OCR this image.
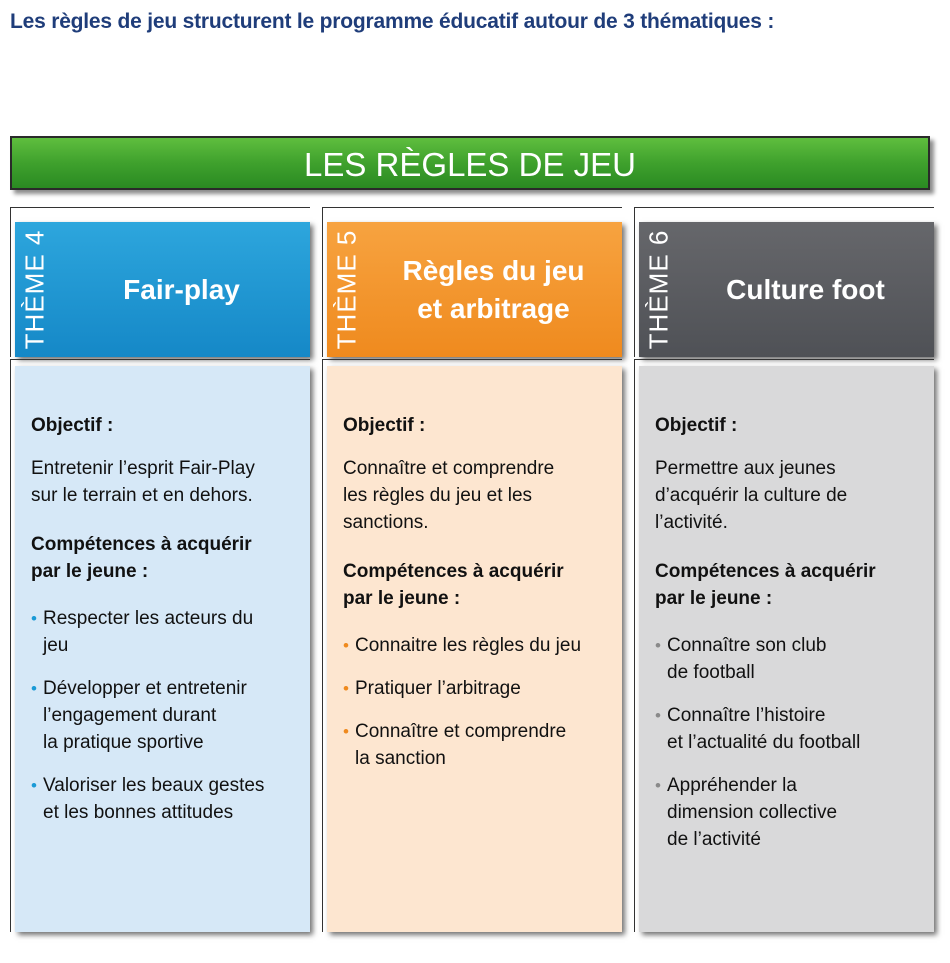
Les règles de jeu structurent le programme éducatif autour de 3 thématiques :
LES RÈGLES DE JEU
THÈME 4	Fair-play
Objectif :
Entretenir l’esprit Fair-Play
sur le terrain et en dehors.
Compétences à acquérir
par le jeune :
• Respecter les acteurs du
jeu
• Développer et entretenir
l’engagement durant
la pratique sportive
• Valoriser les beaux gestes
et les bonnes attitudes
THÈME 5 Règles du jeu
et arbitrage
Objectif :
Connaître et comprendre
les règles du jeu et les
sanctions.
Compétences à acquérir
par le jeune :
• Connaitre les règles du jeu
• Pratiquer l’arbitrage
• Connaître et comprendre
la sanction
THÈME 6 Culture foot
Objectif :
Permettre aux jeunes
d’acquérir la culture de
l’activité.
Compétences à acquérir
par le jeune :
• Connaître son club
de football
• Connaître l’histoire
et l’actualité du football
• Appréhender la
dimension collective
de l’activité
